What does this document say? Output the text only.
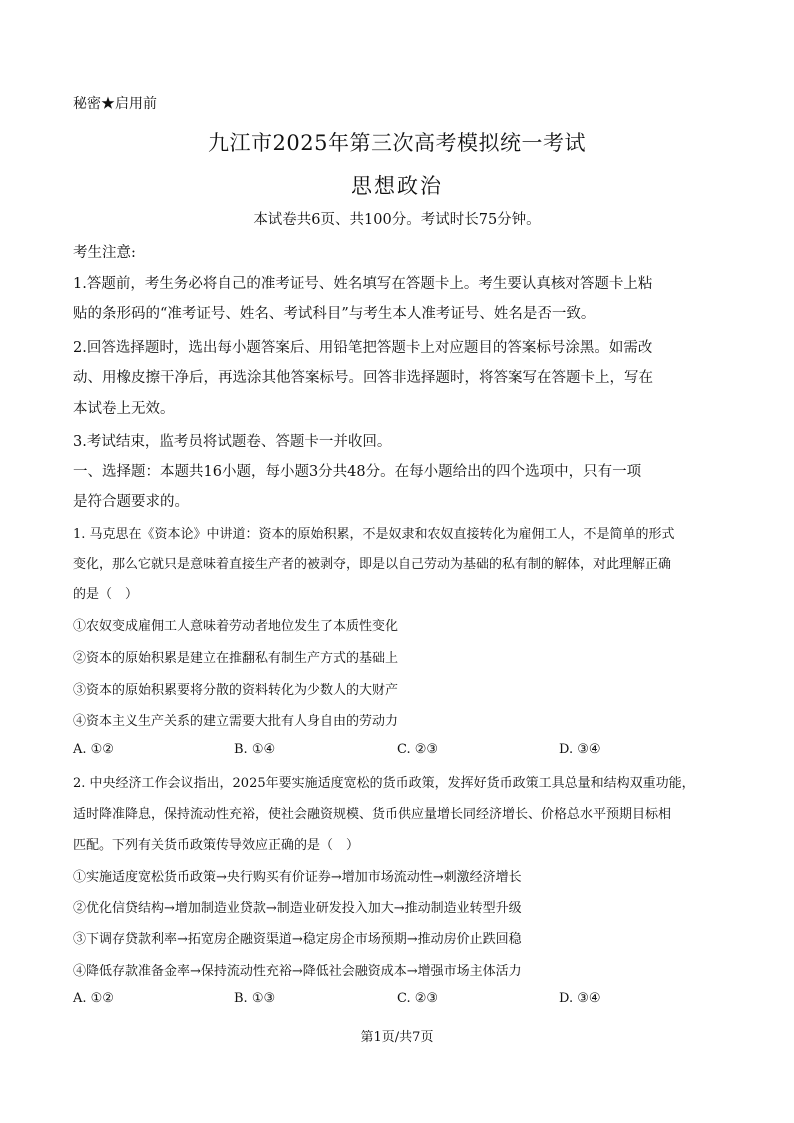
秘密★启用前
九江市2025年第三次高考模拟统一考试
思想政治
本试卷共6页、共100分。考试时长75分钟。
考生注意:
1.答题前，考生务必将自己的准考证号、姓名填写在答题卡上。考生要认真核对答题卡上粘
贴的条形码的“准考证号、姓名、考试科目”与考生本人准考证号、姓名是否一致。
2.回答选择题时，选出每小题答案后、用铅笔把答题卡上对应题目的答案标号涂黑。如需改
动、用橡皮擦干净后，再选涂其他答案标号。回答非选择题时，将答案写在答题卡上，写在
本试卷上无效。
3.考试结束，监考员将试题卷、答题卡一并收回。
一、选择题：本题共16小题，每小题3分共48分。在每小题给出的四个选项中，只有一项
是符合题要求的。
1. 马克思在《资本论》中讲道：资本的原始积累，不是奴隶和农奴直接转化为雇佣工人，不是简单的形式
变化，那么它就只是意味着直接生产者的被剥夺，即是以自己劳动为基础的私有制的解体，对此理解正确
的是（　）
①农奴变成雇佣工人意味着劳动者地位发生了本质性变化
②资本的原始积累是建立在推翻私有制生产方式的基础上
③资本的原始积累要将分散的资料转化为少数人的大财产
④资本主义生产关系的建立需要大批有人身自由的劳动力
A. ①②	B. ①④	C. ②③	D. ③④
2. 中央经济工作会议指出，2025年要实施适度宽松的货币政策，发挥好货币政策工具总量和结构双重功能，
适时降准降息，保持流动性充裕，使社会融资规模、货币供应量增长同经济增长、价格总水平预期目标相
匹配。下列有关货币政策传导效应正确的是（　）
①实施适度宽松货币政策→央行购买有价证券→增加市场流动性→刺激经济增长
②优化信贷结构→增加制造业贷款→制造业研发投入加大→推动制造业转型升级
③下调存贷款利率→拓宽房企融资渠道→稳定房企市场预期→推动房价止跌回稳
④降低存款准备金率→保持流动性充裕→降低社会融资成本→增强市场主体活力
A. ①②	B. ①③	C. ②③	D. ③④
第1页/共7页
